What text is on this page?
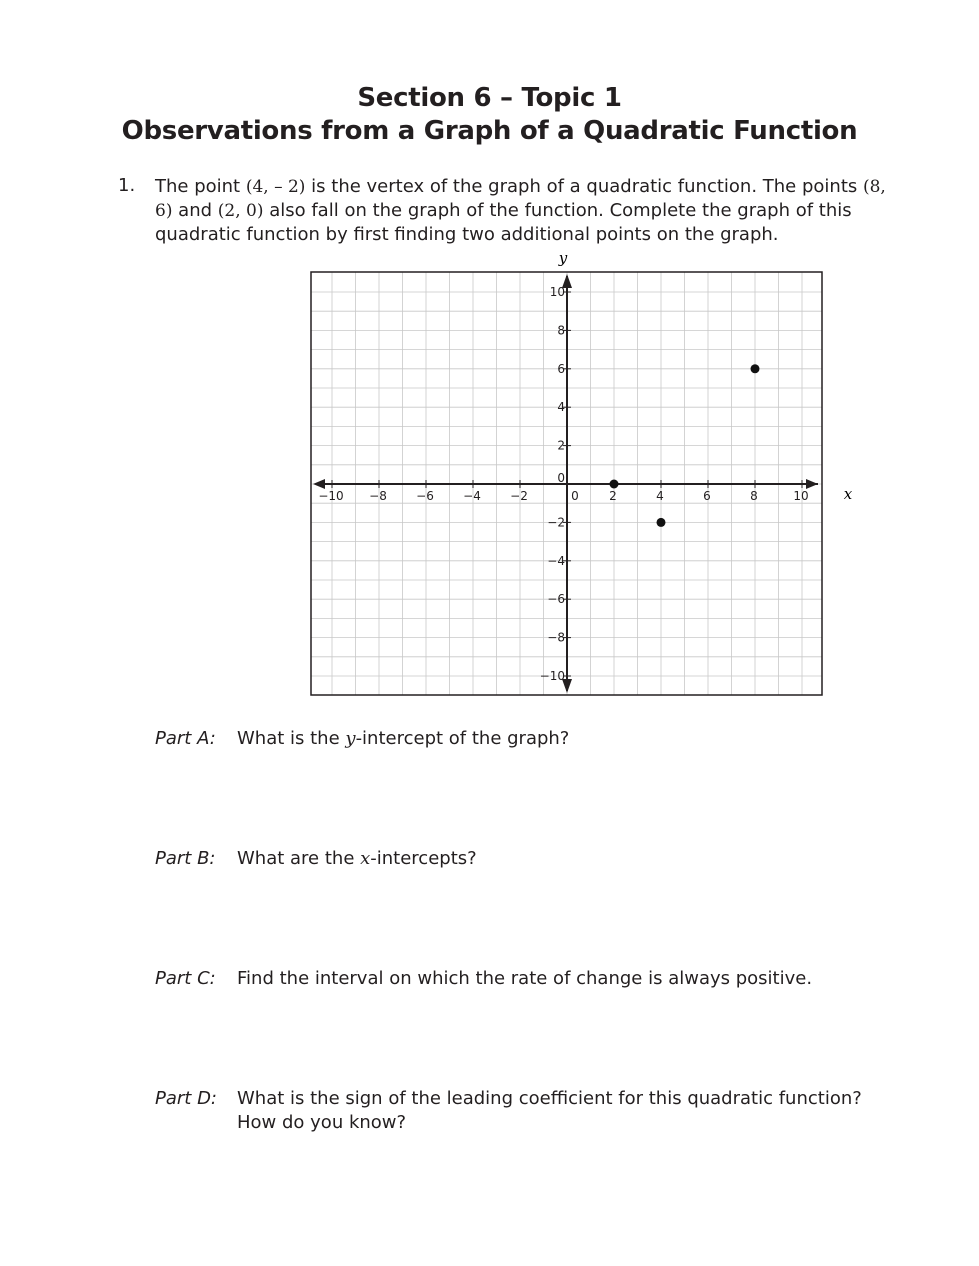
Section 6 – Topic 1
Observations from a Graph of a Quadratic Function
1. The point (4, – 2) is the vertex of the graph of a quadratic function. The points (8, 6) and (2, 0) also fall on the graph of the function. Complete the graph of this quadratic function by first finding two additional points on the graph.
−10 −8 −6 −4 −2	0	2	4	6	8	10
10
8
6
4
2
0
−2
−4
−6
−8
−10
y
x
Part A:	What is the y-intercept of the graph?
Part B:	What are the x-intercepts?
Part C:	Find the interval on which the rate of change is always positive.
Part D:	What is the sign of the leading coefficient for this quadratic function? How do you know?
